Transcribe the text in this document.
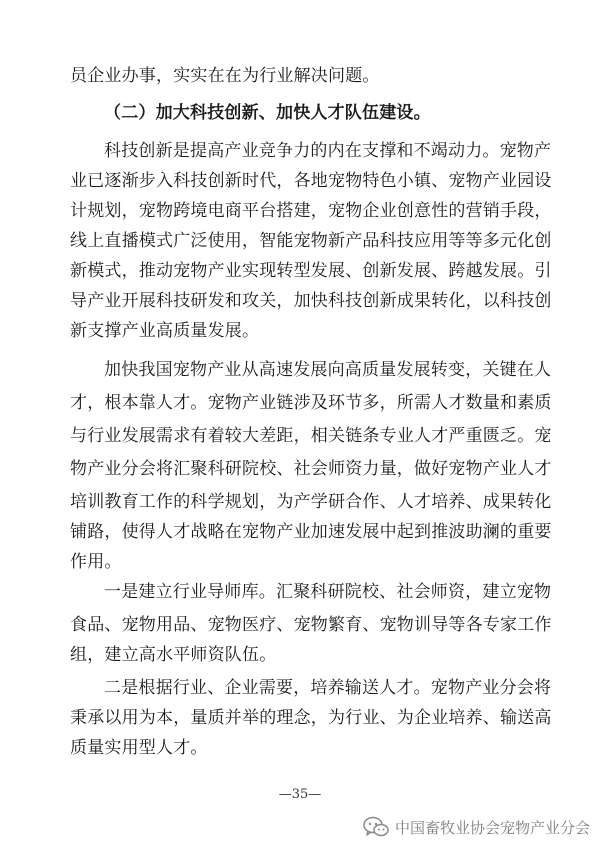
员企业办事，实实在在为行业解决问题。
（二）加大科技创新、加快人才队伍建设。
科技创新是提高产业竞争力的内在支撑和不竭动力。宠物产
业已逐渐步入科技创新时代，各地宠物特色小镇、宠物产业园设
计规划，宠物跨境电商平台搭建，宠物企业创意性的营销手段，
线上直播模式广泛使用，智能宠物新产品科技应用等等多元化创
新模式，推动宠物产业实现转型发展、创新发展、跨越发展。引
导产业开展科技研发和攻关，加快科技创新成果转化，以科技创
新支撑产业高质量发展。
加快我国宠物产业从高速发展向高质量发展转变，关键在人
才，根本靠人才。宠物产业链涉及环节多，所需人才数量和素质
与行业发展需求有着较大差距，相关链条专业人才严重匮乏。宠
物产业分会将汇聚科研院校、社会师资力量，做好宠物产业人才
培训教育工作的科学规划，为产学研合作、人才培养、成果转化
铺路，使得人才战略在宠物产业加速发展中起到推波助澜的重要
作用。
一是建立行业导师库。汇聚科研院校、社会师资，建立宠物
食品、宠物用品、宠物医疗、宠物繁育、宠物训导等各专家工作
组，建立高水平师资队伍。
二是根据行业、企业需要，培养输送人才。宠物产业分会将
秉承以用为本，量质并举的理念，为行业、为企业培养、输送高
质量实用型人才。
—35—
中国畜牧业协会宠物产业分会
